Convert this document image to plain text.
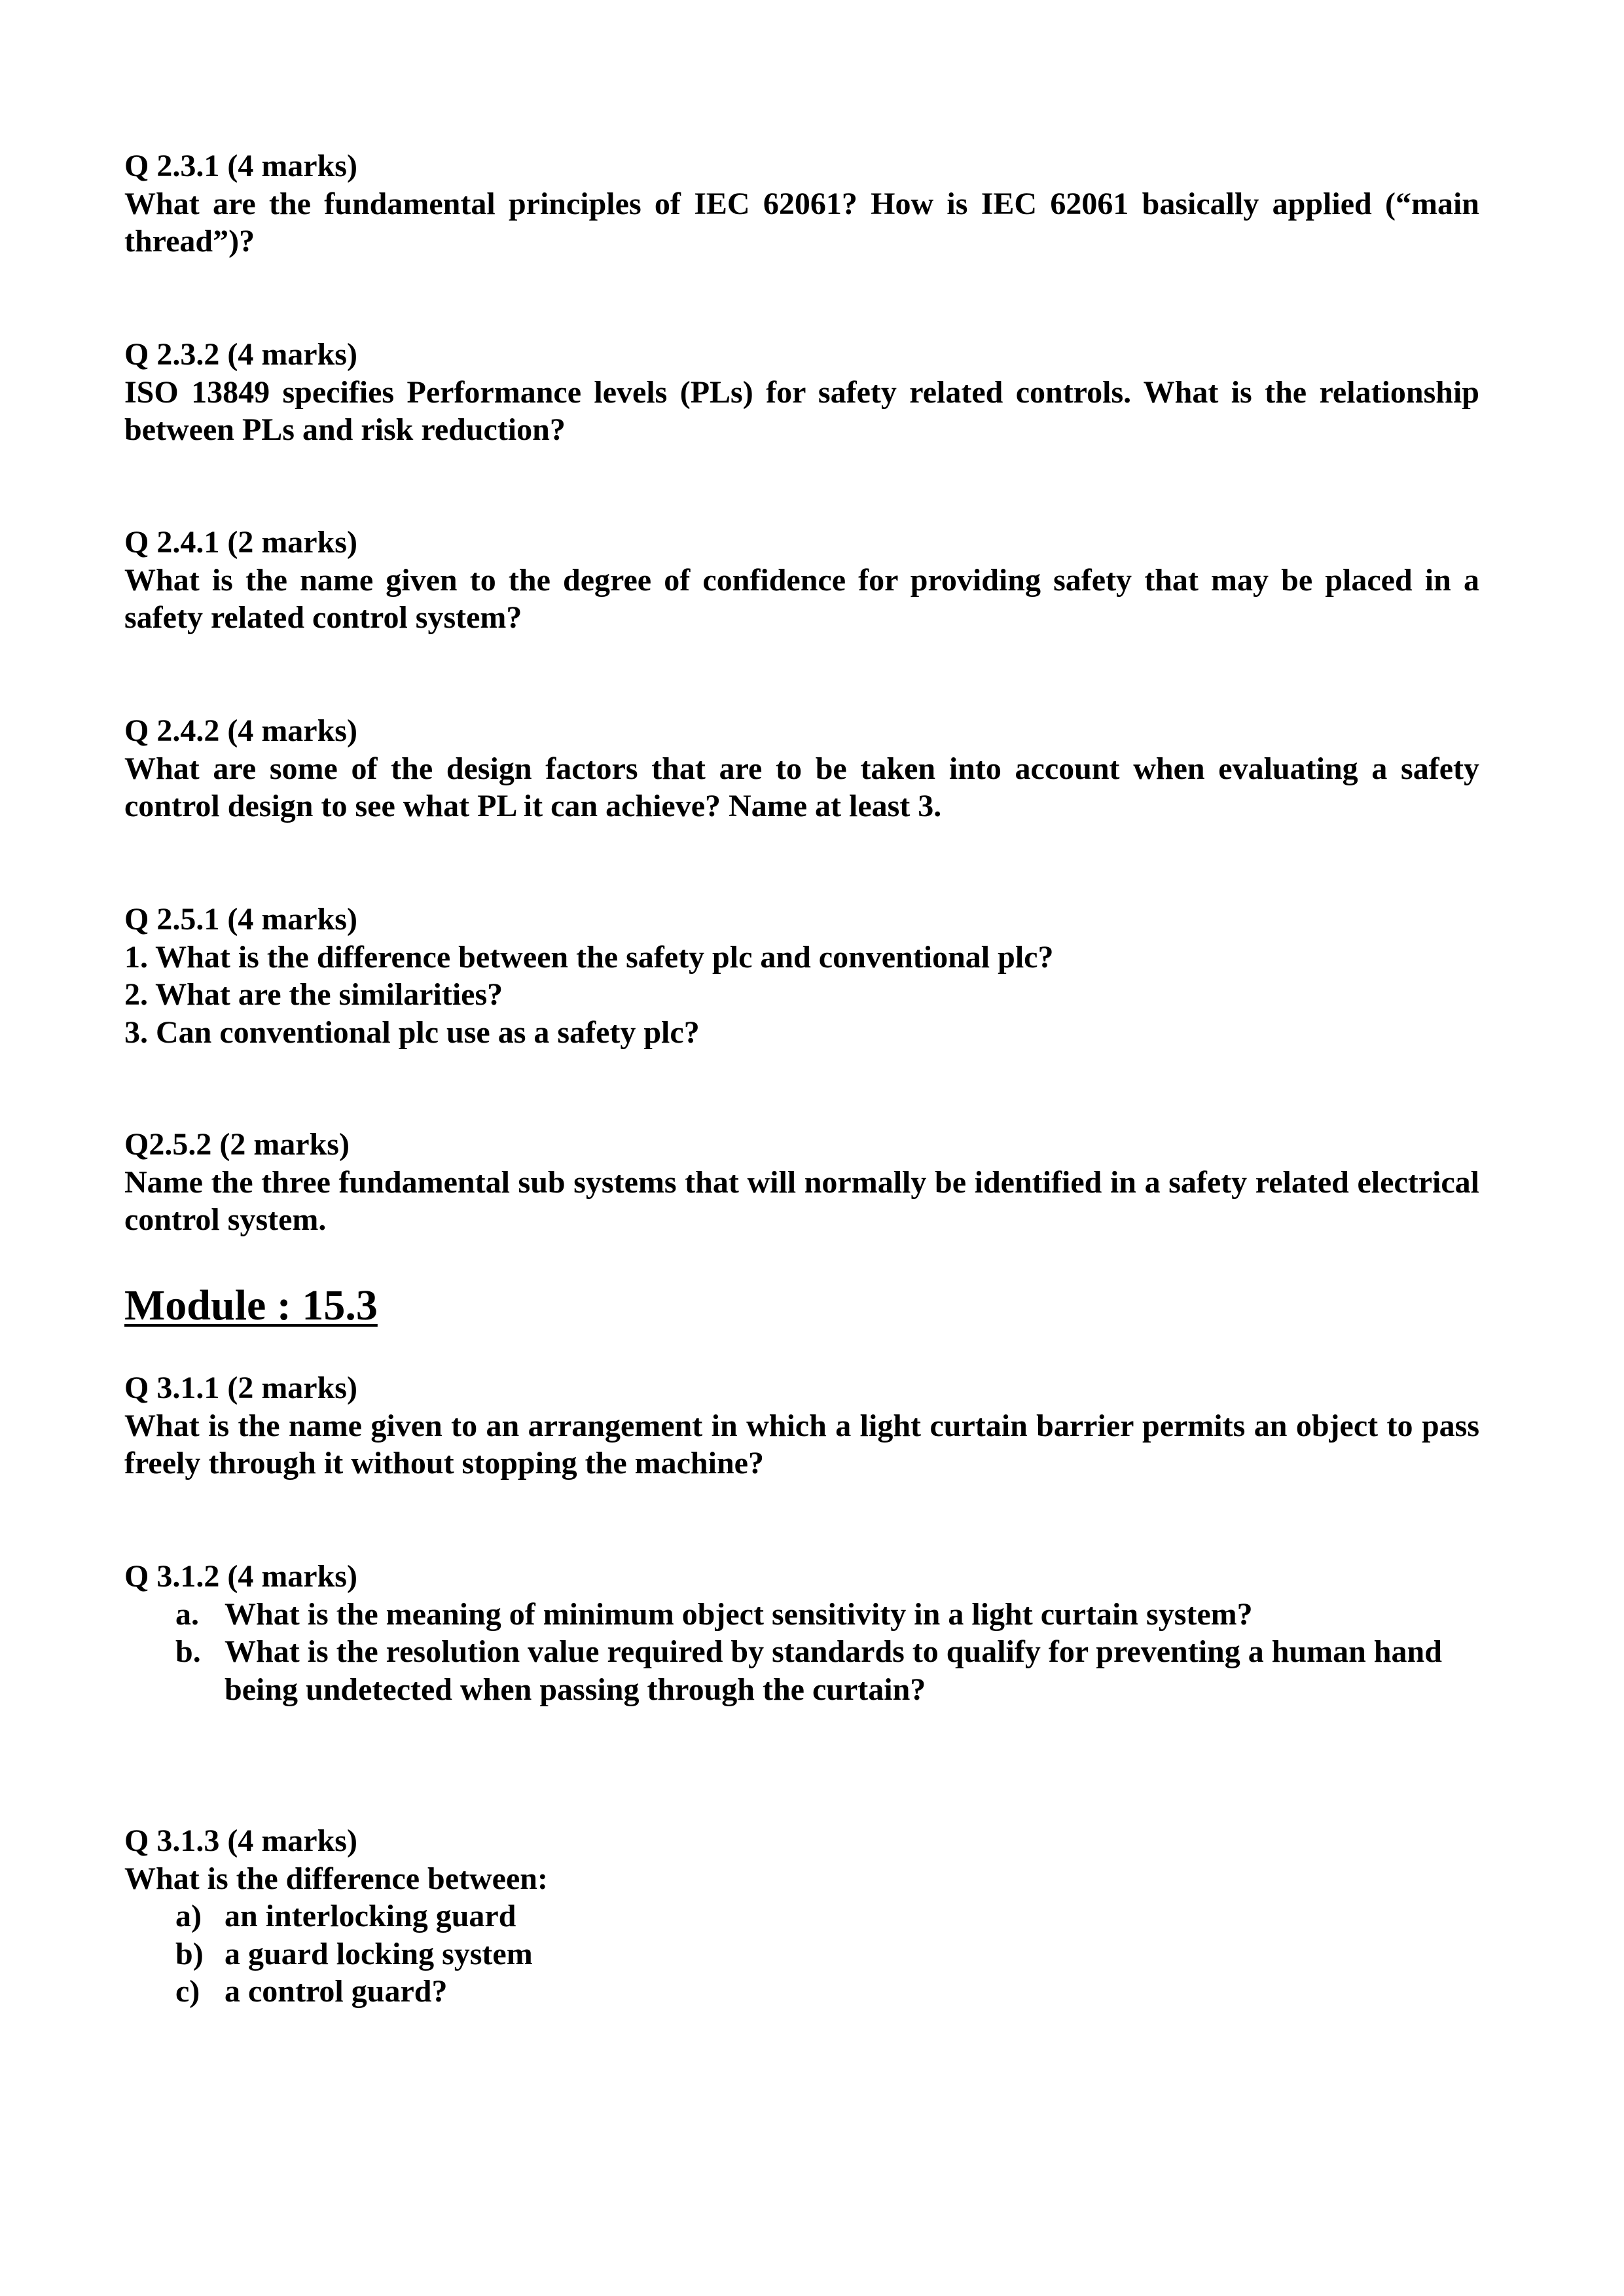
Q 2.3.1 (4 marks)
What are the fundamental principles of IEC 62061? How is IEC 62061 basically applied (“main thread”)?
Q 2.3.2 (4 marks)
ISO 13849 specifies Performance levels (PLs) for safety related controls. What is the relationship between PLs and risk reduction?
Q 2.4.1 (2 marks)
What is the name given to the degree of confidence for providing safety that may be placed in a safety related control system?
Q 2.4.2 (4 marks)
What are some of the design factors that are to be taken into account when evaluating a safety control design to see what PL it can achieve? Name at least 3.
Q 2.5.1 (4 marks)
1. What is the difference between the safety plc and conventional plc?
2. What are the similarities?
3. Can conventional plc use as a safety plc?
Q2.5.2 (2 marks)
Name the three fundamental sub systems that will normally be identified in a safety related electrical control system.
Module : 15.3
Q 3.1.1 (2 marks)
What is the name given to an arrangement in which a light curtain barrier permits an object to pass freely through it without stopping the machine?
Q 3.1.2 (4 marks)
a. What is the meaning of minimum object sensitivity in a light curtain system?
b. What is the resolution value required by standards to qualify for preventing a human hand being undetected when passing through the curtain?
Q 3.1.3 (4 marks)
What is the difference between:
a) an interlocking guard
b) a guard locking system
c) a control guard?
